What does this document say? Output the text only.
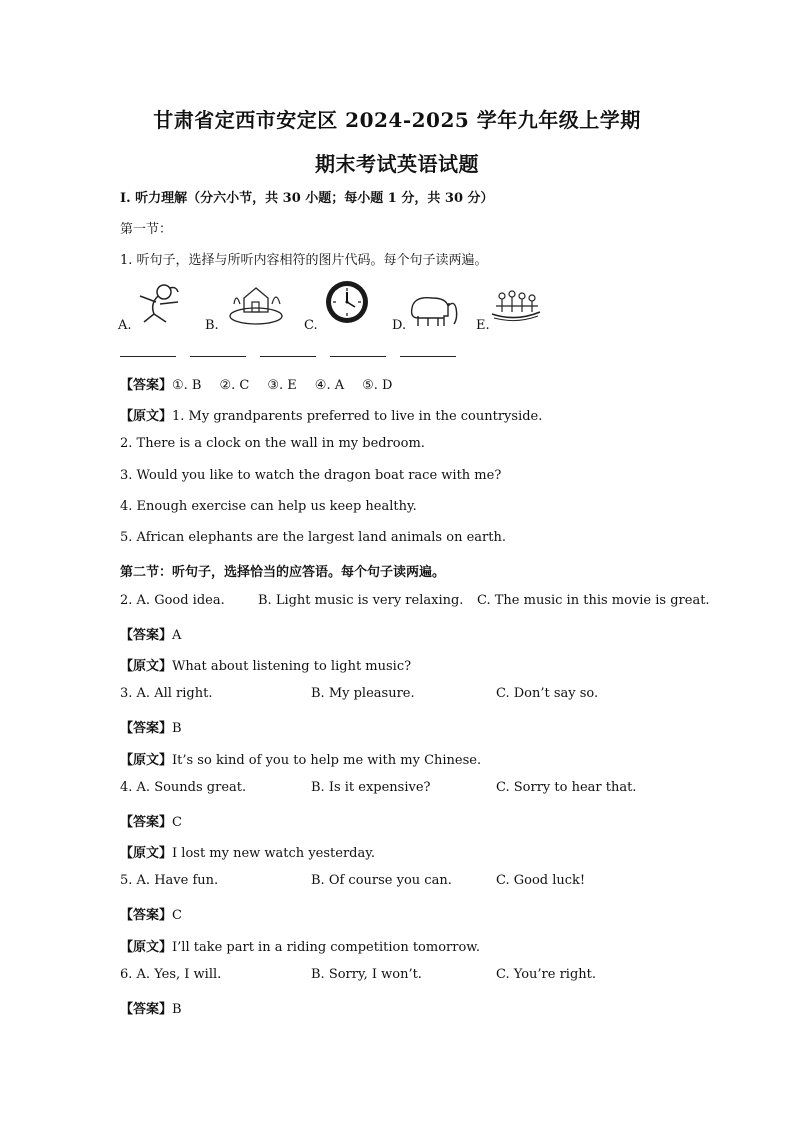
甘肃省定西市安定区 2024-2025 学年九年级上学期
期末考试英语试题
I. 听力理解（分六小节，共 30 小题；每小题 1 分，共 30 分）
第一节：
1. 听句子，选择与所听内容相符的图片代码。每个句子读两遍。
A.	B.	C.	D.	E.
【答案】①. B ②. C ③. E ④. A ⑤. D
【原文】1. My grandparents preferred to live in the countryside.
2. There is a clock on the wall in my bedroom.
3. Would you like to watch the dragon boat race with me?
4. Enough exercise can help us keep healthy.
5. African elephants are the largest land animals on earth.
第二节：听句子，选择恰当的应答语。每个句子读两遍。
2. A. Good idea.	B. Light music is very relaxing. C. The music in this movie is great.
【答案】A
【原文】What about listening to light music?
3. A. All right.	B. My pleasure.	C. Don’t say so.
【答案】B
【原文】It’s so kind of you to help me with my Chinese.
4. A. Sounds great.	B. Is it expensive?	C. Sorry to hear that.
【答案】C
【原文】I lost my new watch yesterday.
5. A. Have fun.	B. Of course you can.	C. Good luck!
【答案】C
【原文】I’ll take part in a riding competition tomorrow.
6. A. Yes, I will.	B. Sorry, I won’t.	C. You’re right.
【答案】B
